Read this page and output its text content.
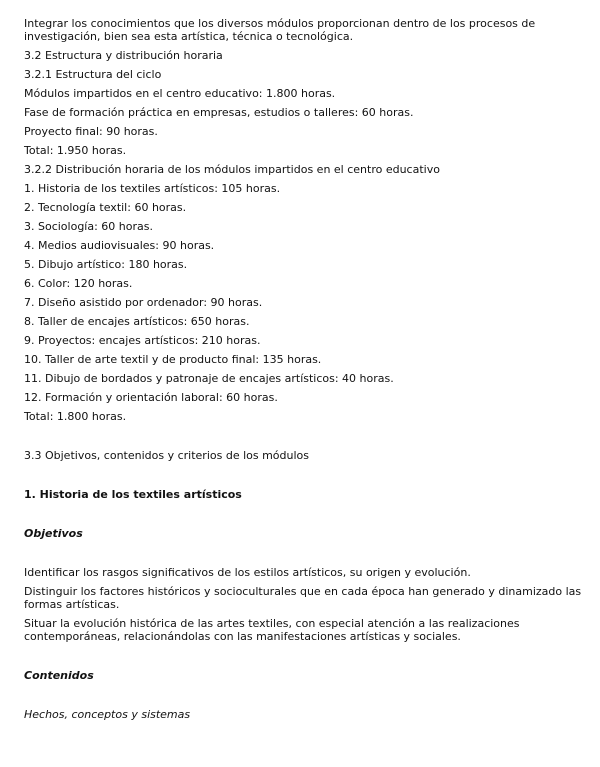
Integrar los conocimientos que los diversos módulos proporcionan dentro de los procesos de investigación, bien sea esta artística, técnica o tecnológica.

3.2 Estructura y distribución horaria

3.2.1 Estructura del ciclo

Módulos impartidos en el centro educativo: 1.800 horas.

Fase de formación práctica en empresas, estudios o talleres: 60 horas.

Proyecto final: 90 horas.

Total: 1.950 horas.

3.2.2 Distribución horaria de los módulos impartidos en el centro educativo

1. Historia de los textiles artísticos: 105 horas.

2. Tecnología textil: 60 horas.

3. Sociología: 60 horas.

4. Medios audiovisuales: 90 horas.

5. Dibujo artístico: 180 horas.

6. Color: 120 horas.

7. Diseño asistido por ordenador: 90 horas.

8. Taller de encajes artísticos: 650 horas.

9. Proyectos: encajes artísticos: 210 horas.

10. Taller de arte textil y de producto final: 135 horas.

11. Dibujo de bordados y patronaje de encajes artísticos: 40 horas.

12. Formación y orientación laboral: 60 horas.

Total: 1.800 horas.

3.3 Objetivos, contenidos y criterios de los módulos

1. Historia de los textiles artísticos

Objetivos

Identificar los rasgos significativos de los estilos artísticos, su origen y evolución.

Distinguir los factores históricos y socioculturales que en cada época han generado y dinamizado las formas artísticas.

Situar la evolución histórica de las artes textiles, con especial atención a las realizaciones contemporáneas, relacionándolas con las manifestaciones artísticas y sociales.

Contenidos

Hechos, conceptos y sistemas
